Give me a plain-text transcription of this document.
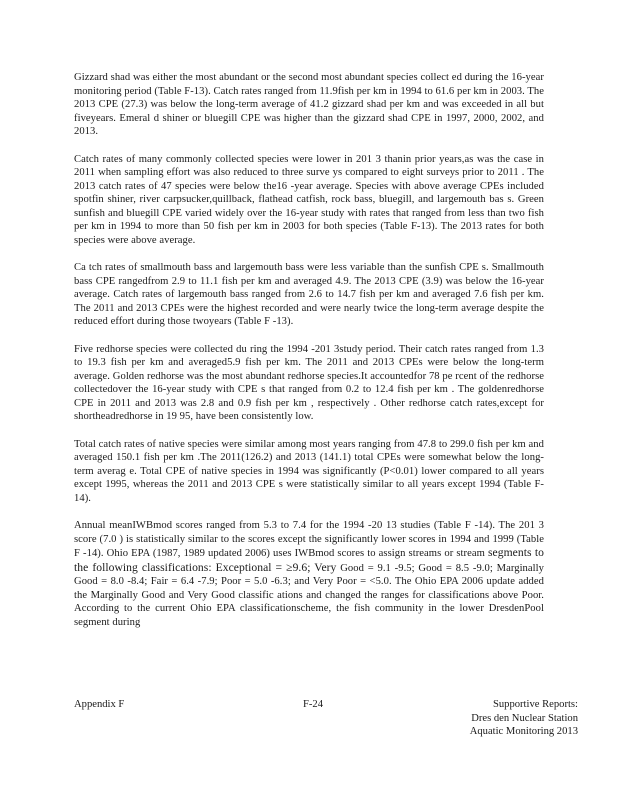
Gizzard shad was either the most abundant or the second most abundant species collect ed during the 16-year monitoring period (Table F-13). Catch rates ranged from 11.9fish per km in 1994 to 61.6 per km in 2003. The 2013 CPE (27.3) was below the long-term average of 41.2 gizzard shad per km and was exceeded in all but fiveyears. Emeral d shiner or bluegill CPE was higher than the gizzard shad CPE in 1997, 2000, 2002, and 2013.

Catch rates of many commonly collected species were lower in 201 3 thanin prior years,as was the case in 2011 when sampling effort was also reduced to three surve ys compared to eight surveys prior to 2011 . The 2013 catch rates of 47 species were below the16 -year average. Species with above average CPEs included spotfin shiner, river carpsucker,quillback, flathead catfish, rock bass, bluegill, and largemouth bas s. Green sunfish and bluegill CPE varied widely over the 16-year study with rates that ranged from less than two fish per km in 1994 to more than 50 fish per km in 2003 for both species (Table F-13). The 2013 rates for both species were above average.

Ca tch rates of smallmouth bass and largemouth bass were less variable than the sunfish CPE s. Smallmouth bass CPE rangedfrom 2.9 to 11.1 fish per km and averaged 4.9. The 2013 CPE (3.9) was below the 16-year average. Catch rates of largemouth bass ranged from 2.6 to 14.7 fish per km and averaged 7.6 fish per km. The 2011 and 2013 CPEs were the highest recorded and were nearly twice the long-term average despite the reduced effort during those twoyears (Table F -13).

Five redhorse species were collected du ring the 1994 -201 3study period. Their catch rates ranged from 1.3 to 19.3 fish per km and averaged5.9 fish per km. The 2011 and 2013 CPEs were below the long-term average. Golden redhorse was the most abundant redhorse species.It accountedfor 78 pe rcent of the redhorse collectedover the 16-year study with CPE s that ranged from 0.2 to 12.4 fish per km . The goldenredhorse CPE in 2011 and 2013 was 2.8 and 0.9 fish per km , respectively . Other redhorse catch rates,except for shortheadredhorse in 19 95, have been consistently low.

Total catch rates of native species were similar among most years ranging from 47.8 to 299.0 fish per km and averaged 150.1 fish per km .The 2011(126.2) and 2013 (141.1) total CPEs were somewhat below the long-term averag e. Total CPE of native species in 1994 was significantly (P<0.01) lower compared to all years except 1995, whereas the 2011 and 2013 CPE s were statistically similar to all years except 1994 (Table F- 14).

Annual meanIWBmod scores ranged from 5.3 to 7.4 for the 1994 -20 13 studies (Table F -14). The 201 3 score (7.0 ) is statistically similar to the scores except the significantly lower scores in 1994 and 1999 (Table F -14). Ohio EPA (1987, 1989 updated 2006) uses IWBmod scores to assign streams or stream segments to the following classifications: Exceptional = ≥9.6; Very Good = 9.1 -9.5; Good = 8.5 -9.0; Marginally Good = 8.0 -8.4; Fair = 6.4 -7.9; Poor = 5.0 -6.3; and Very Poor = <5.0. The Ohio EPA 2006 update added the Marginally Good and Very Good classific ations and changed the ranges for classifications above Poor. According to the current Ohio EPA classificationscheme, the fish community in the lower DresdenPool segment during

Appendix F	F-24	Supportive Reports:
Dres den Nuclear Station
Aquatic Monitoring 2013
